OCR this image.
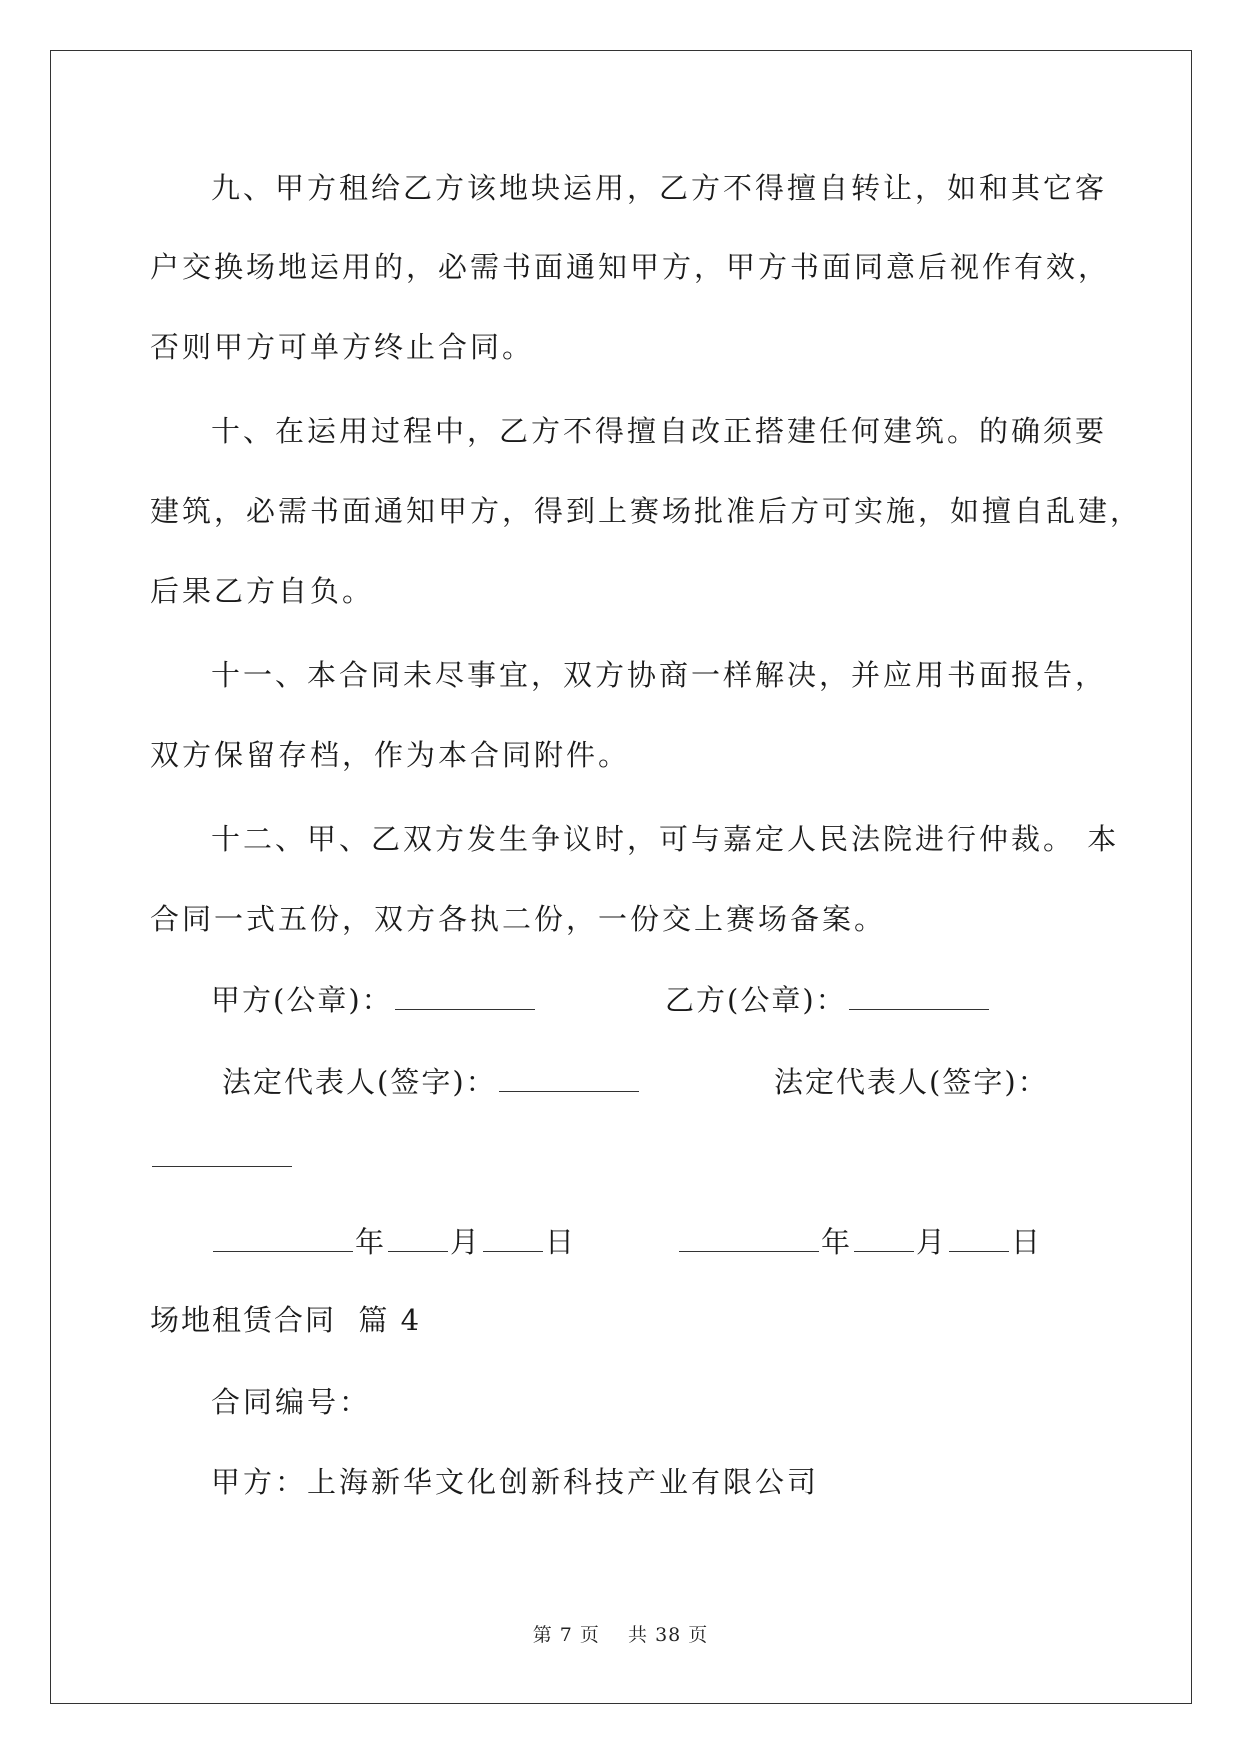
九、甲方租给乙方该地块运用，乙方不得擅自转让，如和其它客
户交换场地运用的，必需书面通知甲方，甲方书面同意后视作有效，
否则甲方可单方终止合同。
十、在运用过程中，乙方不得擅自改正搭建任何建筑。的确须要
建筑，必需书面通知甲方，得到上赛场批准后方可实施，如擅自乱建，
后果乙方自负。
十一、本合同未尽事宜，双方协商一样解决，并应用书面报告，
双方保留存档，作为本合同附件。
十二、甲、乙双方发生争议时，可与嘉定人民法院进行仲裁。 本
合同一式五份，双方各执二份，一份交上赛场备案。
甲方(公章)：	乙方(公章)：
法定代表人(签字)：	法定代表人(签字)：
年 月 日	年 月 日
场地租赁合同  篇 4
合同编号：
甲方：上海新华文化创新科技产业有限公司
第 7 页    共 38 页
